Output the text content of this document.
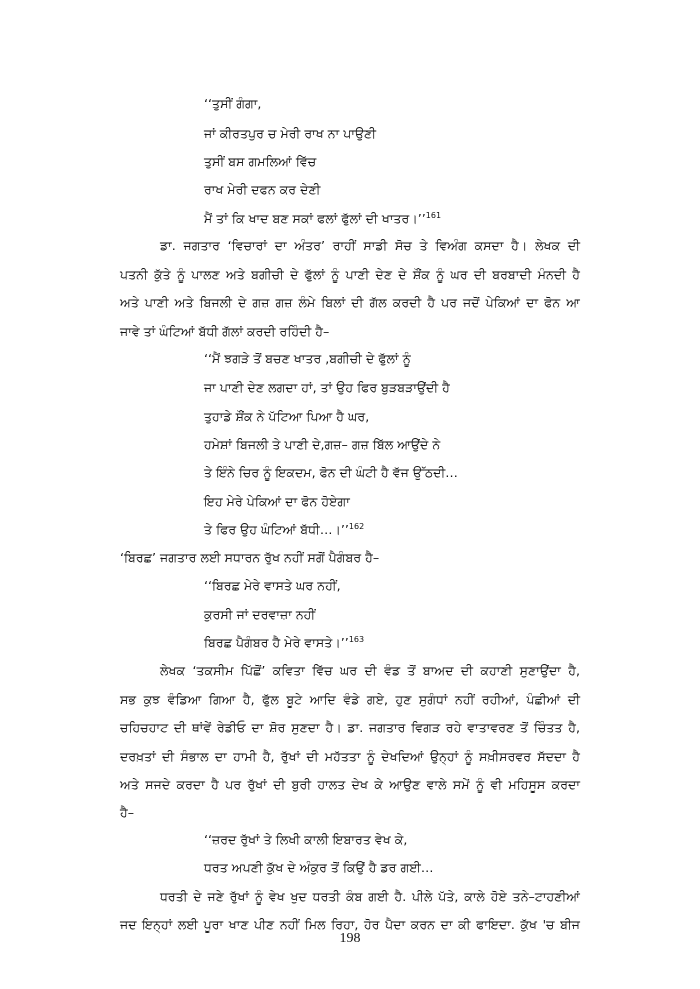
‘‘ਤੁਸੀਂ ਗੰਗਾ,
ਜਾਂ ਕੀਰਤਪੁਰ ਚ ਮੇਰੀ ਰਾਖ ਨਾ ਪਾਉਣੀ
ਤੁਸੀਂ ਬਸ ਗਮਲਿਆਂ ਵਿੱਚ
ਰਾਖ ਮੇਰੀ ਦਫਨ ਕਰ ਦੇਣੀ
ਮੈਂ ਤਾਂ ਕਿ ਖਾਦ ਬਣ ਸਕਾਂ ਫਲਾਂ ਫੁੱਲਾਂ ਦੀ ਖਾਤਰ।’’$^{161}$
ਡਾ. ਜਗਤਾਰ ‘ਵਿਚਾਰਾਂ ਦਾ ਅੰਤਰ’ ਰਾਹੀਂ ਸਾਡੀ ਸੋਚ ਤੇ ਵਿਅੰਗ ਕਸਦਾ ਹੈ। ਲੇਖਕ ਦੀ
ਪਤਨੀ ਕੁੱਤੇ ਨੂੰ ਪਾਲਣ ਅਤੇ ਬਗੀਚੀ ਦੇ ਫੁੱਲਾਂ ਨੂੰ ਪਾਣੀ ਦੇਣ ਦੇ ਸ਼ੌਂਕ ਨੂੰ ਘਰ ਦੀ ਬਰਬਾਦੀ ਮੰਨਦੀ ਹੈ
ਅਤੇ ਪਾਣੀ ਅਤੇ ਬਿਜਲੀ ਦੇ ਗਜ਼ ਗਜ਼ ਲੰਮੇ ਬਿਲਾਂ ਦੀ ਗੱਲ ਕਰਦੀ ਹੈ ਪਰ ਜਦੋਂ ਪੇਕਿਆਂ ਦਾ ਫੋਨ ਆ
ਜਾਵੇ ਤਾਂ ਘੰਟਿਆਂ ਬੱਧੀ ਗੱਲਾਂ ਕਰਦੀ ਰਹਿੰਦੀ ਹੈ–
‘‘ਮੈਂ ਝਗੜੇ ਤੋਂ ਬਚਣ ਖਾਤਰ ,ਬਗੀਚੀ ਦੇ ਫੁੱਲਾਂ ਨੂੰ
ਜਾ ਪਾਣੀ ਦੇਣ ਲਗਦਾ ਹਾਂ, ਤਾਂ ਉਹ ਫਿਰ ਬੁੜਬੜਾਉਂਦੀ ਹੈ
ਤੁਹਾਡੇ ਸ਼ੌਂਕ ਨੇ ਪੱਟਿਆ ਪਿਆ ਹੈ ਘਰ,
ਹਮੇਸ਼ਾਂ ਬਿਜਲੀ ਤੇ ਪਾਣੀ ਦੇ,ਗਜ਼– ਗਜ਼ ਬਿੱਲ ਆਉਂਦੇ ਨੇ
ਤੇ ਇੰਨੇ ਚਿਰ ਨੂੰ ਇਕਦਮ, ਫੋਨ ਦੀ ਘੰਟੀ ਹੈ ਵੱਜ ਉੱਠਦੀ…
ਇਹ ਮੇਰੇ ਪੇਕਿਆਂ ਦਾ ਫੋਨ ਹੋਏਗਾ
ਤੇ ਫਿਰ ਉਹ ਘੰਟਿਆਂ ਬੱਧੀ…।’’$^{162}$
‘ਬਿਰਛ’ ਜਗਤਾਰ ਲਈ ਸਧਾਰਨ ਰੁੱਖ ਨਹੀਂ ਸਗੋਂ ਪੈਗੰਬਰ ਹੈ–
‘‘ਬਿਰਛ ਮੇਰੇ ਵਾਸਤੇ ਘਰ ਨਹੀਂ,
ਕੁਰਸੀ ਜਾਂ ਦਰਵਾਜ਼ਾ ਨਹੀਂ
ਬਿਰਛ ਪੈਗੰਬਰ ਹੈ ਮੇਰੇ ਵਾਸਤੇ।’’$^{163}$
ਲੇਖਕ ‘ਤਕਸੀਮ ਪਿੱਛੋਂ’ ਕਵਿਤਾ ਵਿੱਚ ਘਰ ਦੀ ਵੰਡ ਤੋਂ ਬਾਅਦ ਦੀ ਕਹਾਣੀ ਸੁਣਾਉਂਦਾ ਹੈ,
ਸਭ ਕੁਝ ਵੰਡਿਆ ਗਿਆ ਹੈ, ਫੁੱਲ ਬੂਟੇ ਆਦਿ ਵੰਡੇ ਗਏ, ਹੁਣ ਸੁਗੰਧਾਂ ਨਹੀਂ ਰਹੀਆਂ, ਪੰਛੀਆਂ ਦੀ
ਚਹਿਚਹਾਟ ਦੀ ਥਾਂਵੇਂ ਰੇਡੀਓ ਦਾ ਸ਼ੋਰ ਸੁਣਦਾ ਹੈ। ਡਾ. ਜਗਤਾਰ ਵਿਗੜ ਰਹੇ ਵਾਤਾਵਰਣ ਤੋਂ ਚਿੰਤਤ ਹੈ,
ਦਰਖ਼ਤਾਂ ਦੀ ਸੰਭਾਲ ਦਾ ਹਾਮੀ ਹੈ, ਰੁੱਖਾਂ ਦੀ ਮਹੱਤਤਾ ਨੂੰ ਦੇਖਦਿਆਂ ਉਨ੍ਹਾਂ ਨੂੰ ਸਖ਼ੀਸਰਵਰ ਸੱਦਦਾ ਹੈ
ਅਤੇ ਸਜਦੇ ਕਰਦਾ ਹੈ ਪਰ ਰੁੱਖਾਂ ਦੀ ਬੁਰੀ ਹਾਲਤ ਦੇਖ ਕੇ ਆਉਣ ਵਾਲੇ ਸਮੇਂ ਨੂੰ ਵੀ ਮਹਿਸੂਸ ਕਰਦਾ
ਹੈ–
‘‘ਜ਼ਰਦ ਰੁੱਖਾਂ ਤੇ ਲਿਖੀ ਕਾਲੀ ਇਬਾਰਤ ਵੇਖ ਕੇ,
ਧਰਤ ਅਪਣੀ ਕੁੱਖ ਦੇ ਅੰਕੁਰ ਤੋਂ ਕਿਉਂ ਹੈ ਡਰ ਗਈ…
ਧਰਤੀ ਦੇ ਜਣੇ ਰੁੱਖਾਂ ਨੂੰ ਵੇਖ ਖੁਦ ਧਰਤੀ ਕੰਬ ਗਈ ਹੈ. ਪੀਲੇ ਪੱਤੇ, ਕਾਲੇ ਹੋਏ ਤਨੇ–ਟਾਹਣੀਆਂ
ਜਦ ਇਨ੍ਹਾਂ ਲਈ ਪੂਰਾ ਖਾਣ ਪੀਣ ਨਹੀਂ ਮਿਲ ਰਿਹਾ, ਹੋਰ ਪੈਦਾ ਕਰਨ ਦਾ ਕੀ ਫਾਇਦਾ. ਕੁੱਖ 'ਚ ਬੀਜ
198
